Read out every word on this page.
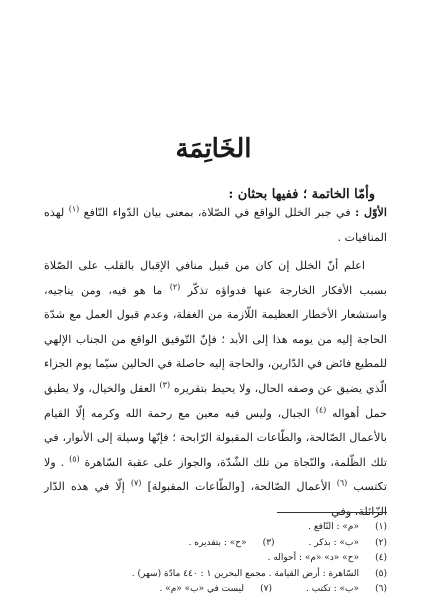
الخَاتِمَة
وأمّا الخاتمة ؛ ففيها بحثان :
الأوّل : في جبر الخلل الواقع في الصّلاة، بمعنى بيان الدّواء النّافع $^{(١)}$ لهذه المنافيات .
اعلم أنّ الخلل إن كان من قبيل منافي الإقبال بالقلب على الصّلاة بسبب الأفكار الخارجة عنها فدواؤه تذكّر $^{(٢)}$ ما هو فيه، ومن يناجيه، واستشعار الأخطار العظيمة اللّازمة من الغفلة، وعدم قبول العمل مع شدّة الحاجة إليه من يومه هذا إلى الأبد ؛ فإنّ التّوفيق الواقع من الجناب الإلهي للمطيع فائض في الدّارين، والحاجة إليه حاصلة في الحالين سيّما يوم الجزاء الّذي يضيق عن وصفه الحال، ولا يحيط بتقريره $^{(٣)}$ العقل والخيال، ولا يطيق حمل أهواله $^{(٤)}$ الجبال، وليس فيه معين مع رحمة الله وكرمه إلّا القيام بالأعمال الصّالحة، والطّاعات المقبولة الرّابحة ؛ فإنّها وسيلة إلى الأنوار، في تلك الظّلمة، والنّجاة من تلك الشّدّة، والجواز على عقبة السّاهرة $^{(٥)}$ . ولا تكتسب $^{(٦)}$ الأعمال الصّالحة، [والطّاعات المقبولة] $^{(٧)}$ إلّا في هذه الدّار الزّائلة، وفي
(١)
«م» : النّافع .
(٢)
«ب» : بذكر .
(٣)
«ح» : بتقديره .
(٤)
«ح» «د» «م» : أحواله .
(٥)
السّاهرة : أرض القيامة . مجمع البحرين ١ : ٤٤٠ مادّة (سهر) .
(٦)
«ب» : تكتب .
(٧)
ليست في «ب» «م» .
